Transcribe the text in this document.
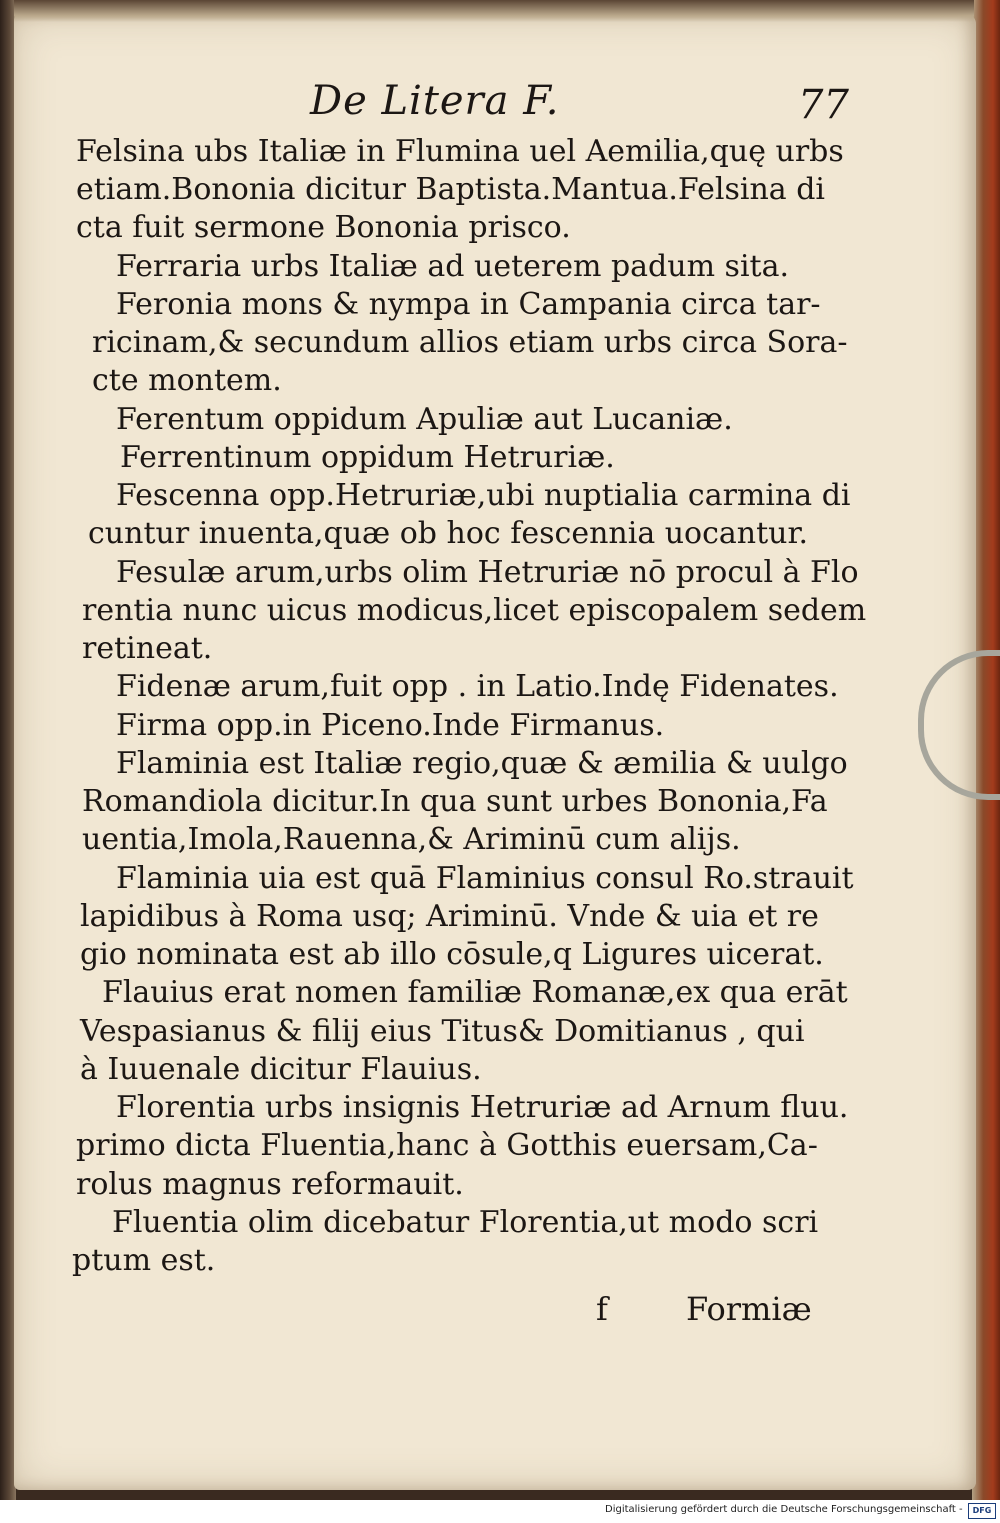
De Litera F.	77
Felsina ubs Italiæ in Flumina uel Aemilia,quę urbs
etiam.Bononia dicitur Baptista.Mantua.Felsina di
cta fuit sermone Bononia prisco.
Ferraria urbs Italiæ ad ueterem padum sita.
Feronia mons & nympa in Campania circa tar-
ricinam,& secundum allios etiam urbs circa Sora-
cte montem.
Ferentum oppidum Apuliæ aut Lucaniæ.
Ferrentinum oppidum Hetruriæ.
Fescenna opp.Hetruriæ,ubi nuptialia carmina di
cuntur inuenta,quæ ob hoc fescennia uocantur.
Fesulæ arum,urbs olim Hetruriæ nō procul à Flo
rentia nunc uicus modicus,licet episcopalem sedem
retineat.
Fidenæ arum,fuit opp . in Latio.Indę Fidenates.
Firma opp.in Piceno.Inde Firmanus.
Flaminia est Italiæ regio,quæ & æmilia & uulgo
Romandiola dicitur.In qua sunt urbes Bononia,Fa
uentia,Imola,Rauenna,& Ariminū cum alijs.
Flaminia uia est quā Flaminius consul Ro.strauit
lapidibus à Roma usq; Ariminū. Vnde & uia et re
gio nominata est ab illo cōsule,q Ligures uicerat.
Flauius erat nomen familiæ Romanæ,ex qua erāt
Vespasianus & filij eius Titus& Domitianus , qui
à Iuuenale dicitur Flauius.
Florentia urbs insignis Hetruriæ ad Arnum fluu.
primo dicta Fluentia,hanc à Gotthis euersam,Ca-
rolus magnus reformauit.
Fluentia olim dicebatur Florentia,ut modo scri
ptum est.
f Formiæ
Digitalisierung gefördert durch die Deutsche Forschungsgemeinschaft -	DFG
